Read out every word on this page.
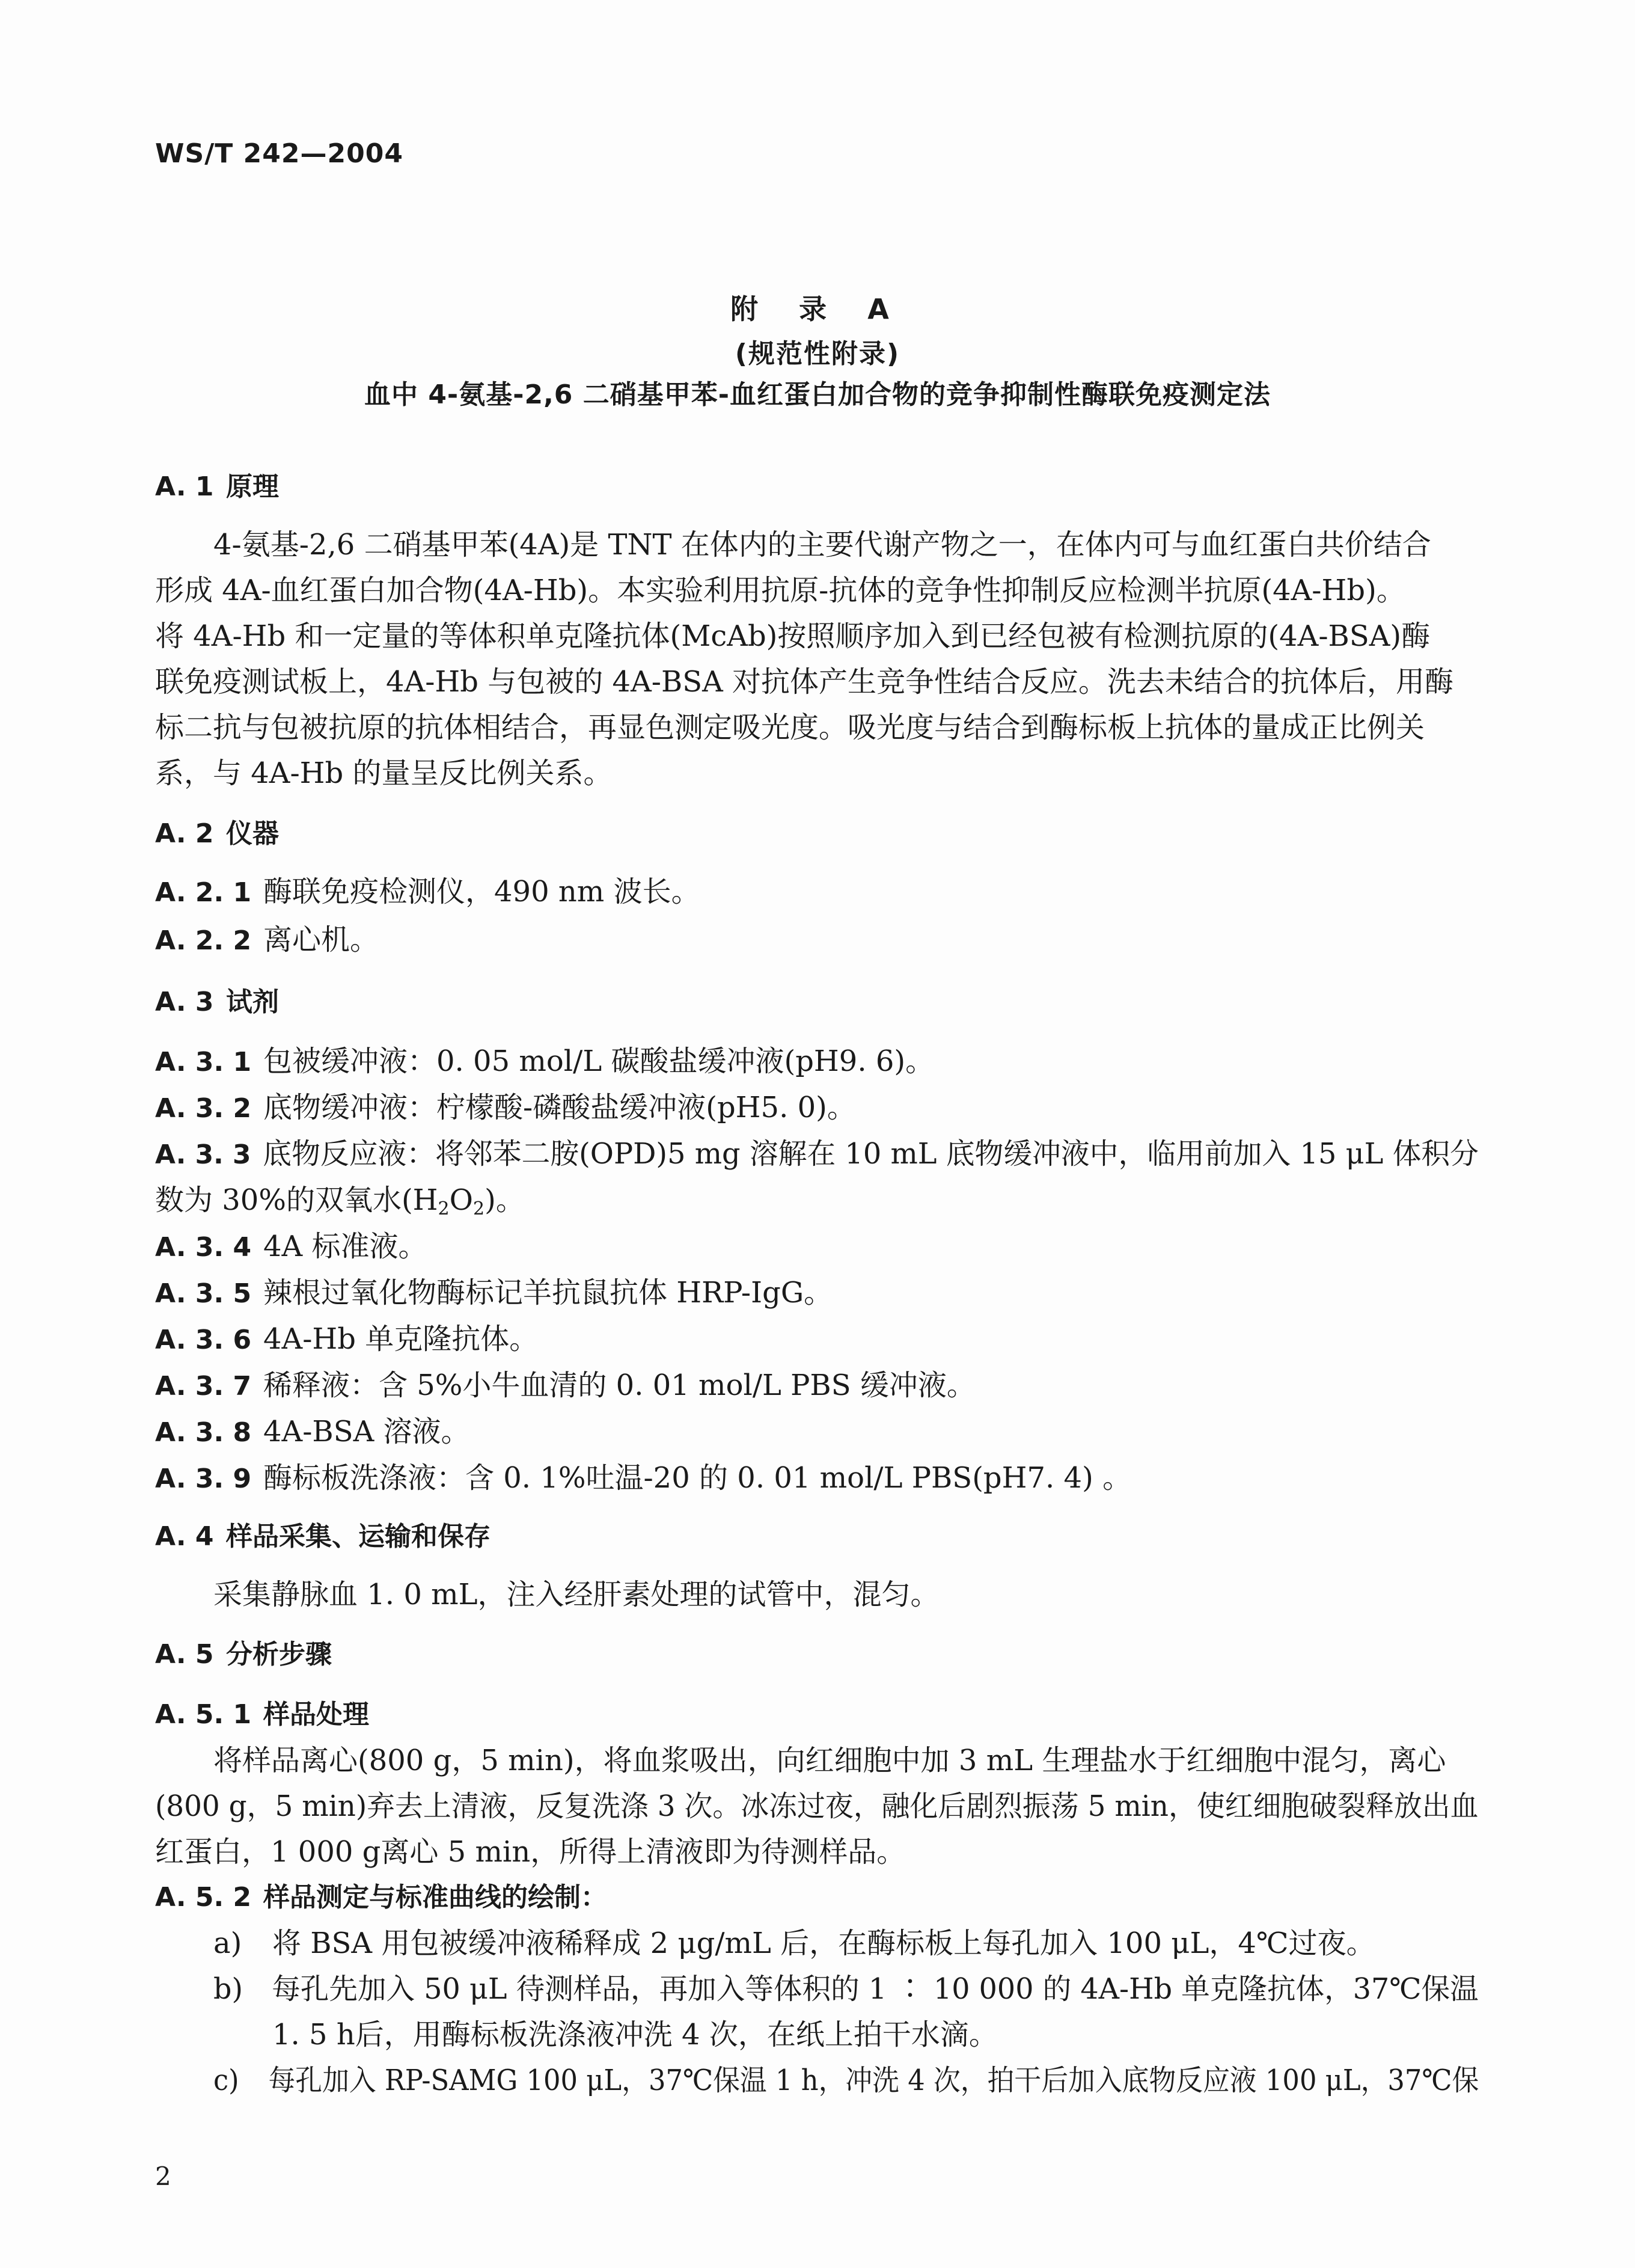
WS/T 242—2004
附 录 A
(规范性附录)
血中 4-氨基-2,6 二硝基甲苯-血红蛋白加合物的竞争抑制性酶联免疫测定法
A. 1 原理
4-氨基-2,6 二硝基甲苯(4A)是 TNT 在体内的主要代谢产物之一，在体内可与血红蛋白共价结合
形成 4A-血红蛋白加合物(4A-Hb)。本实验利用抗原-抗体的竞争性抑制反应检测半抗原(4A-Hb)。
将 4A-Hb 和一定量的等体积单克隆抗体(McAb)按照顺序加入到已经包被有检测抗原的(4A-BSA)酶
联免疫测试板上，4A-Hb 与包被的 4A-BSA 对抗体产生竞争性结合反应。洗去未结合的抗体后，用酶
标二抗与包被抗原的抗体相结合，再显色测定吸光度。吸光度与结合到酶标板上抗体的量成正比例关
系，与 4A-Hb 的量呈反比例关系。
A. 2 仪器
A. 2. 1 酶联免疫检测仪，490 nm 波长。
A. 2. 2 离心机。
A. 3 试剂
A. 3. 1 包被缓冲液：0. 05 mol/L 碳酸盐缓冲液(pH9. 6)。
A. 3. 2 底物缓冲液：柠檬酸-磷酸盐缓冲液(pH5. 0)。
A. 3. 3 底物反应液：将邻苯二胺(OPD)5 mg 溶解在 10 mL 底物缓冲液中，临用前加入 15 μL 体积分
数为 30%的双氧水$(H_2O_2)$。
A. 3. 4 4A 标准液。
A. 3. 5 辣根过氧化物酶标记羊抗鼠抗体 HRP-IgG。
A. 3. 6 4A-Hb 单克隆抗体。
A. 3. 7 稀释液：含 5%小牛血清的 0. 01 mol/L PBS 缓冲液。
A. 3. 8 4A-BSA 溶液。
A. 3. 9 酶标板洗涤液：含 0. 1%吐温-20 的 0. 01 mol/L PBS(pH7. 4) 。
A. 4 样品采集、运输和保存
采集静脉血 1. 0 mL，注入经肝素处理的试管中，混匀。
A. 5 分析步骤
A. 5. 1 样品处理
将样品离心(800 g，5 min)，将血浆吸出，向红细胞中加 3 mL 生理盐水于红细胞中混匀，离心
(800 g，5 min)弃去上清液，反复洗涤 3 次。冰冻过夜，融化后剧烈振荡 5 min，使红细胞破裂释放出血
红蛋白，1 000 g离心 5 min，所得上清液即为待测样品。
A. 5. 2 样品测定与标准曲线的绘制：
a) 将 BSA 用包被缓冲液稀释成 2 μg/mL 后，在酶标板上每孔加入 100 μL，4℃过夜。
b) 每孔先加入 50 μL 待测样品，再加入等体积的 1 ∶ 10 000 的 4A-Hb 单克隆抗体，37℃保温
1. 5 h后，用酶标板洗涤液冲洗 4 次，在纸上拍干水滴。
c) 每孔加入 RP-SAMG 100 μL，37℃保温 1 h，冲洗 4 次，拍干后加入底物反应液 100 μL，37℃保
2
